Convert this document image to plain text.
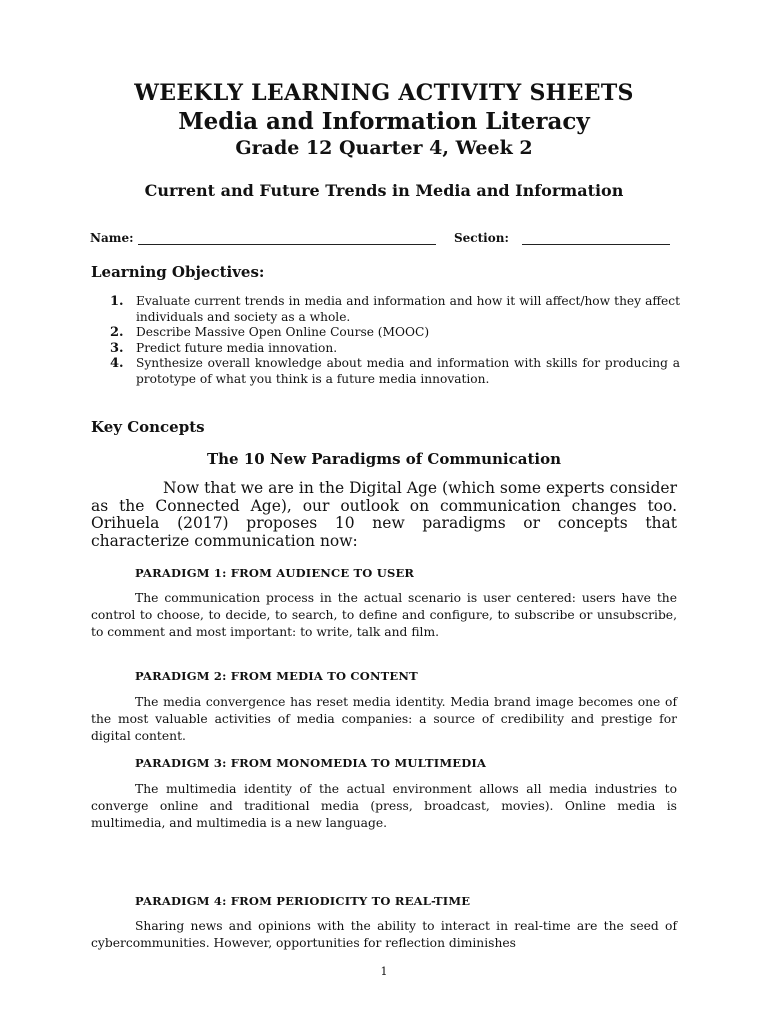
WEEKLY LEARNING ACTIVITY SHEETS
Media and Information Literacy
Grade 12 Quarter 4, Week 2
Current and Future Trends in Media and Information
Name:	Section:
Learning Objectives:
1. Evaluate current trends in media and information and how it will affect/how they affect individuals and society as a whole.
2. Describe Massive Open Online Course (MOOC)
3. Predict future media innovation.
4. Synthesize overall knowledge about media and information with skills for producing a prototype of what you think is a future media innovation.
Key Concepts
The 10 New Paradigms of Communication
Now that we are in the Digital Age (which some experts consider as the Connected Age), our outlook on communication changes too. Orihuela (2017) proposes 10 new paradigms or concepts that characterize communication now:
PARADIGM 1: FROM AUDIENCE TO USER
The communication process in the actual scenario is user centered: users have the control to choose, to decide, to search, to define and configure, to subscribe or unsubscribe, to comment and most important: to write, talk and film.
PARADIGM 2: FROM MEDIA TO CONTENT
The media convergence has reset media identity. Media brand image becomes one of the most valuable activities of media companies: a source of credibility and prestige for digital content.
PARADIGM 3: FROM MONOMEDIA TO MULTIMEDIA
The multimedia identity of the actual environment allows all media industries to converge online and traditional media (press, broadcast, movies). Online media is multimedia, and multimedia is a new language.
PARADIGM 4: FROM PERIODICITY TO REAL-TIME
Sharing news and opinions with the ability to interact in real-time are the seed of cybercommunities. However, opportunities for reflection diminishes
1
